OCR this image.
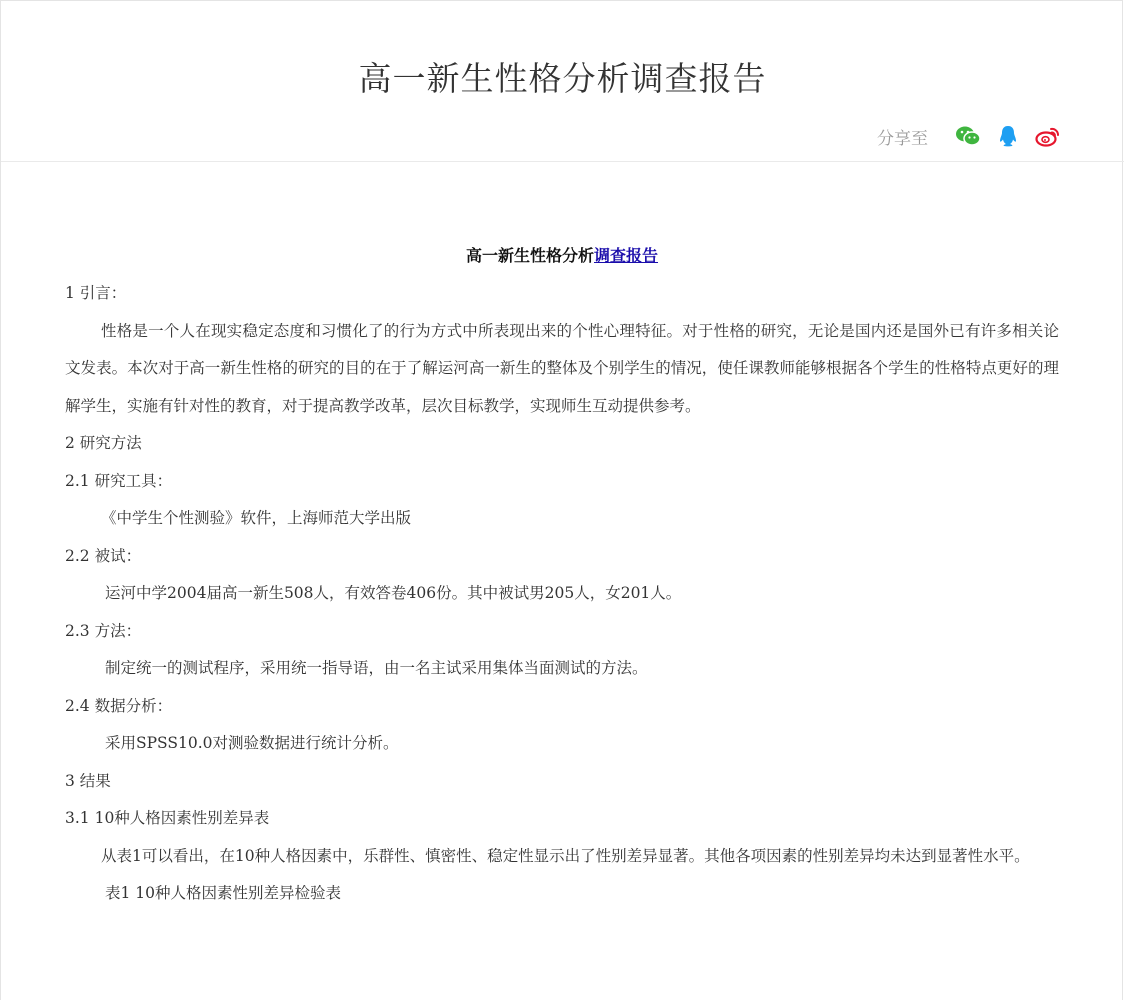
高一新生性格分析调查报告
分享至
高一新生性格分析调查报告
1 引言：
性格是一个人在现实稳定态度和习惯化了的行为方式中所表现出来的个性心理特征。对于性格的研究，无论是国内还是国外已有许多相关论文发表。本次对于高一新生性格的研究的目的在于了解运河高一新生的整体及个别学生的情况，使任课教师能够根据各个学生的性格特点更好的理解学生，实施有针对性的教育，对于提高教学改革，层次目标教学，实现师生互动提供参考。
2 研究方法
2.1 研究工具：
《中学生个性测验》软件，上海师范大学出版
2.2 被试：
运河中学2004届高一新生508人，有效答卷406份。其中被试男205人，女201人。
2.3 方法：
制定统一的测试程序，采用统一指导语，由一名主试采用集体当面测试的方法。
2.4 数据分析：
采用SPSS10.0对测验数据进行统计分析。
3 结果
3.1 10种人格因素性别差异表
从表1可以看出，在10种人格因素中，乐群性、慎密性、稳定性显示出了性别差异显著。其他各项因素的性别差异均未达到显著性水平。
表1 10种人格因素性别差异检验表
